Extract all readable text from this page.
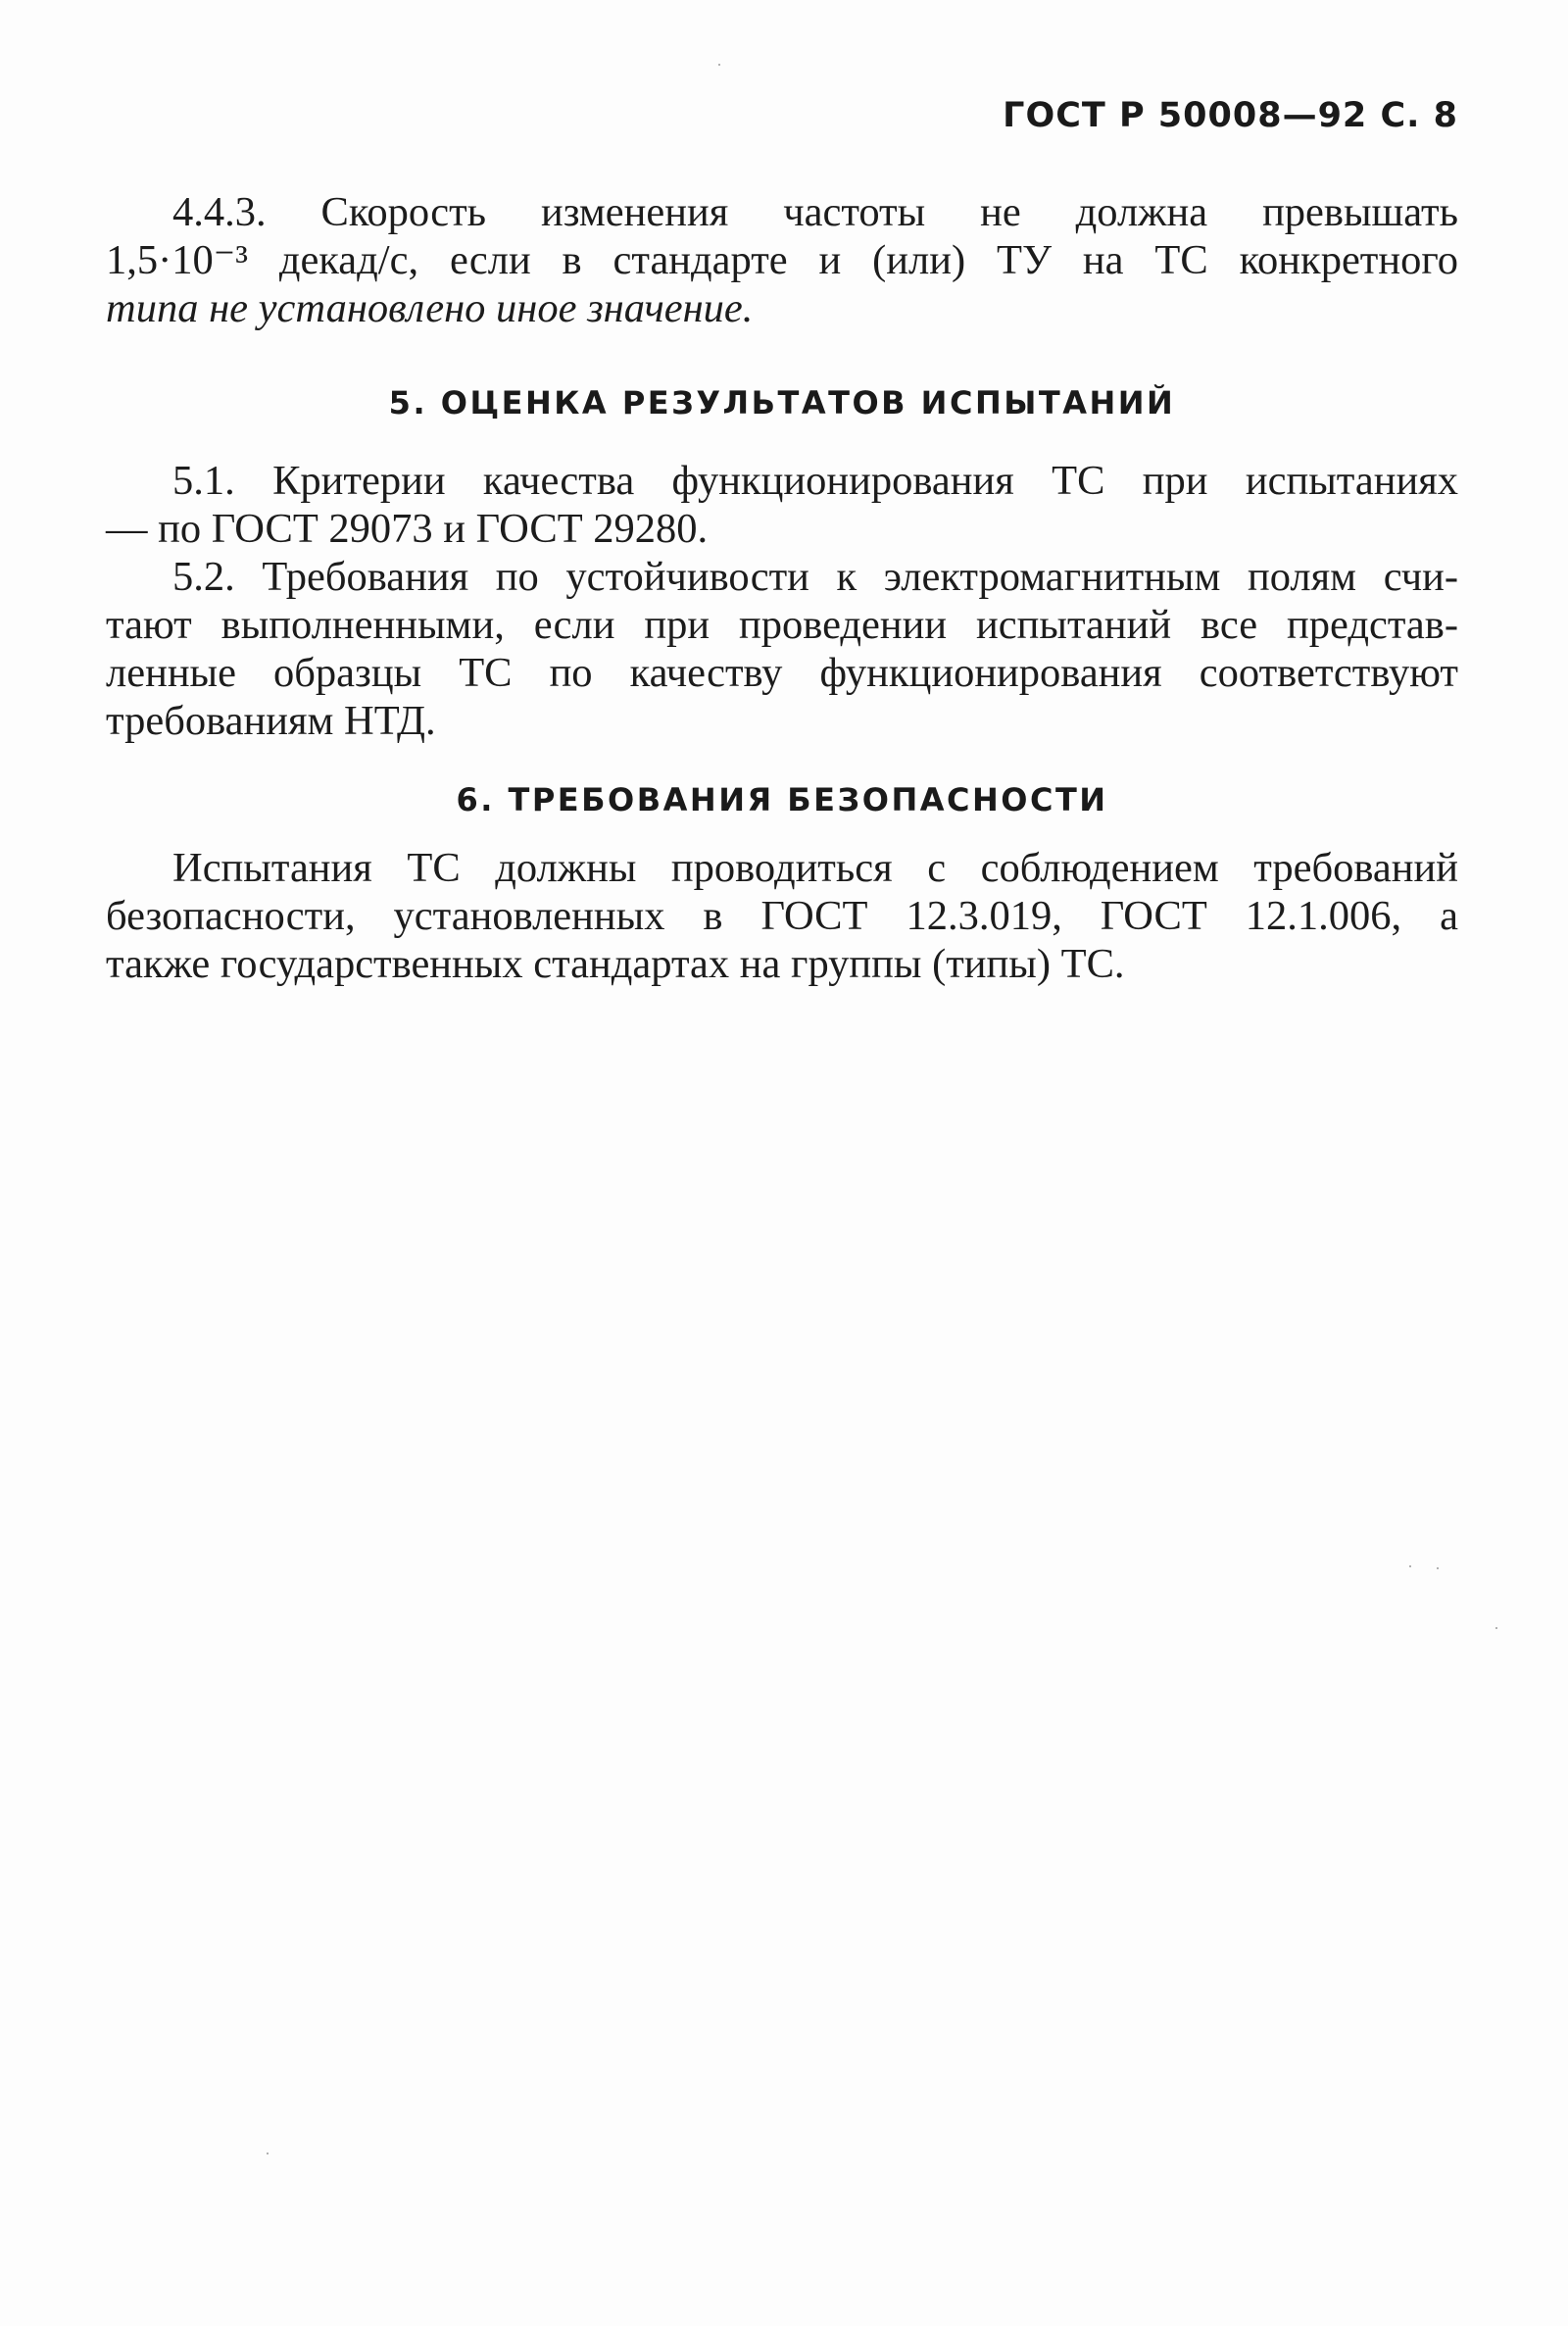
ГОСТ Р 50008—92 С. 8
4.4.3. Скорость изменения частоты не должна превышать
1,5·10⁻³ декад/с, если в стандарте и (или) ТУ на ТС конкретного
типа не установлено иное значение.
5. ОЦЕНКА РЕЗУЛЬТАТОВ ИСПЫТАНИЙ
5.1. Критерии качества функционирования ТС при испытаниях
— по ГОСТ 29073 и ГОСТ 29280.
5.2. Требования по устойчивости к электромагнитным полям счи-
тают выполненными, если при проведении испытаний все представ-
ленные образцы ТС по качеству функционирования соответствуют
требованиям НТД.
6. ТРЕБОВАНИЯ БЕЗОПАСНОСТИ
Испытания ТС должны проводиться с соблюдением требований
безопасности, установленных в ГОСТ 12.3.019, ГОСТ 12.1.006, а
также государственных стандартах на группы (типы) ТС.
